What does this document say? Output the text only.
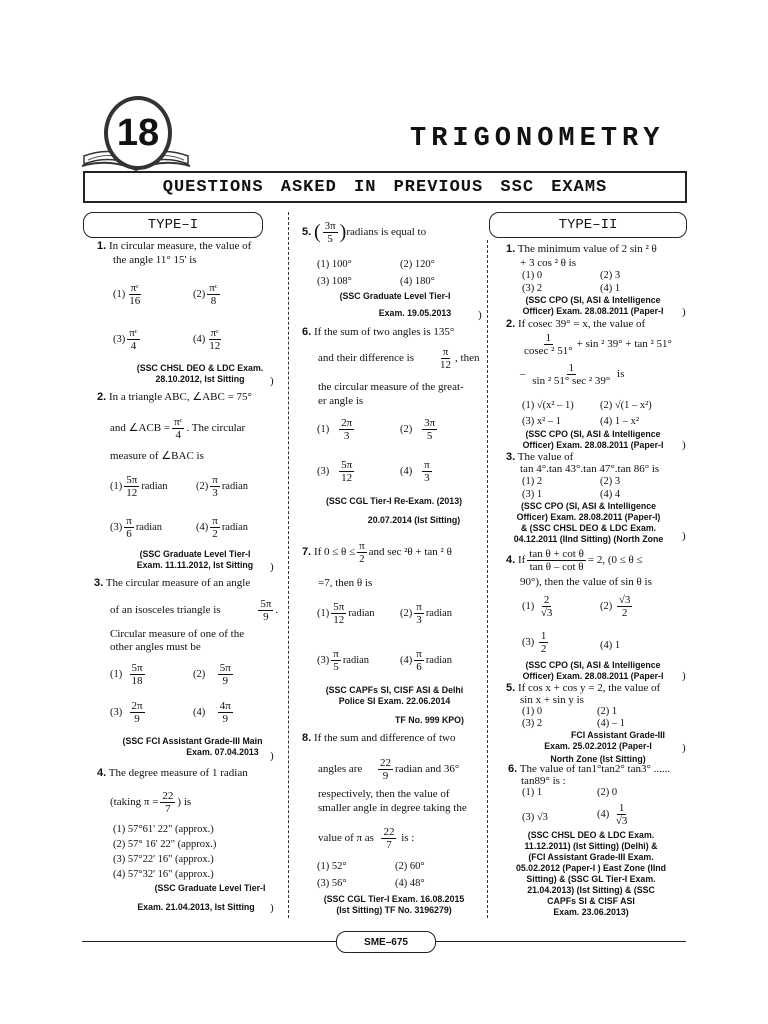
18	TRIGONOMETRY
QUESTIONS ASKED IN PREVIOUS SSC EXAMS
TYPE–I	TYPE–II
1. In circular measure, the value of
the angle 11° 15' is
$(1) \frac{\text{πᶜ}}{16}$	$(2) \frac{\text{πᶜ}}{8}$
$(3) \frac{\text{πᶜ}}{4}$	$(4) \frac{\text{πᶜ}}{12}$
(SSC CHSL DEO & LDC Exam.
28.10.2012, Ist Sitting	)
2. In a triangle ABC, ∠ABC = 75°
and ∠ACB = $\frac{\text{πᶜ}}{4}$ . The circular
measure of ∠BAC is
$(1) \frac{5\pi}{12}$ radian	$(2) \frac{\pi}{3}$ radian
$(3) \frac{\pi}{6}$ radian	$(4) \frac{\pi}{2}$ radian
(SSC Graduate Level Tier-I
Exam. 11.11.2012, Ist Sitting	)
3. The circular measure of an angle
of an isosceles triangle is	$\frac{5\pi}{9}$ .
Circular measure of one of the
other angles must be
$(1) \frac{5\pi}{18}$	$(2) \frac{5\pi}{9}$
$(3) \frac{2\pi}{9}$	$(4) \frac{4\pi}{9}$
(SSC FCI Assistant Grade-III Main
Exam. 07.04.2013	)
4. The degree measure of 1 radian
(taking $\pi = \frac{22}{7}$ ) is
(1) 57°61' 22" (approx.)
(2) 57° 16' 22" (approx.)
(3) 57°22' 16" (approx.)
(4) 57°32' 16" (approx.)
(SSC Graduate Level Tier-I
Exam. 21.04.2013, Ist Sitting	)
5. ( $\frac{3\pi}{5}$ )radians is equal to
(1) 100°	(2) 120°
(3) 108°	(4) 180°
(SSC Graduate Level Tier-I
Exam. 19.05.2013	)
6. If the sum of two angles is 135°
and their difference is $\frac{\pi}{12}$ , then
the circular measure of the great-
er angle is
$(1) \frac{2\pi}{3}$	$(2) \frac{3\pi}{5}$
$(3) \frac{5\pi}{12}$	$(4) \frac{\pi}{3}$
(SSC CGL Tier-I Re-Exam. (2013)
20.07.2014 (Ist Sitting)
7. If $0 \le \theta \le \frac{\pi}{2}$ and sec ²θ + tan ² θ
=7, then θ is
$(1) \frac{5\pi}{12}$ radian $(2) \frac{\pi}{3}$ radian
$(3) \frac{\pi}{5}$ radian	$(4) \frac{\pi}{6}$ radian
(SSC CAPFs SI, CISF ASI & Delhi
Police SI Exam. 22.06.2014
TF No. 999 KPO)
8. If the sum and difference of two
angles are $\frac{22}{9}$ radian and 36°
respectively, then the value of
smaller angle in degree taking the
value of π as $\frac{22}{7}$ is :
(1) 52°	(2) 60°
(3) 56°	(4) 48°
(SSC CGL Tier-I Exam. 16.08.2015
(Ist Sitting) TF No. 3196279)
1. The minimum value of 2 sin ² θ
+ 3 cos ² θ is
(1) 0	(2) 3
(3) 2	(4) 1
(SSC CPO (SI, ASI & Intelligence
Officer) Exam. 28.08.2011 (Paper-I	)
2. If cosec 39° = x, the value of
$\frac{1}{\text{cosec ² 51°}} + \sin ^2$ 39° + tan ² 51°
– $\frac{1}{\text{sin ² 51° sec ² 39°}}$ is
(1) √(x² – 1) (2) √(1 – x²)
(3) x² – 1	(4) 1 – x²
(SSC CPO (SI, ASI & Intelligence
Officer) Exam. 28.08.2011 (Paper-I	)
3. The value of
tan 4°.tan 43°.tan 47°.tan 86° is
(1) 2	(2) 3
(3) 1	(4) 4
(SSC CPO (SI, ASI & Intelligence
Officer) Exam. 28.08.2011 (Paper-I)
& (SSC CHSL DEO & LDC Exam.
04.12.2011 (IInd Sitting) (North Zone	)
4. If $\frac{\text{tan θ + cot θ}}{\text{tan θ – cot θ}} = 2$, (0 ≤ θ ≤
90°), then the value of sin θ is
$(1) \frac{2}{√3}$	$(2) \frac{√3}{2}$
$(3) \frac{1}{2}$	(4) 1
(SSC CPO (SI, ASI & Intelligence
Officer) Exam. 28.08.2011 (Paper-I	)
5. If cos x + cos y = 2, the value of
sin x + sin y is
(1) 0	(2) 1
(3) 2	(4) – 1
FCI Assistant Grade-III
Exam. 25.02.2012 (Paper-I
North Zone (Ist Sitting)
)
6. The value of tan1°tan2° tan3° ......
tan89° is :
(1) 1	(2) 0
(3) √3	$(4) \frac{1}{√3}$
(SSC CHSL DEO & LDC Exam.
11.12.2011) (Ist Sitting) (Delhi) &
(FCI Assistant Grade-III Exam.
05.02.2012 (Paper-I ) East Zone (IInd
Sitting) & (SSC GL Tier-I Exam.
21.04.2013) (Ist Sitting) & (SSC
CAPFs SI & CISF ASI
Exam. 23.06.2013)
SME–675
